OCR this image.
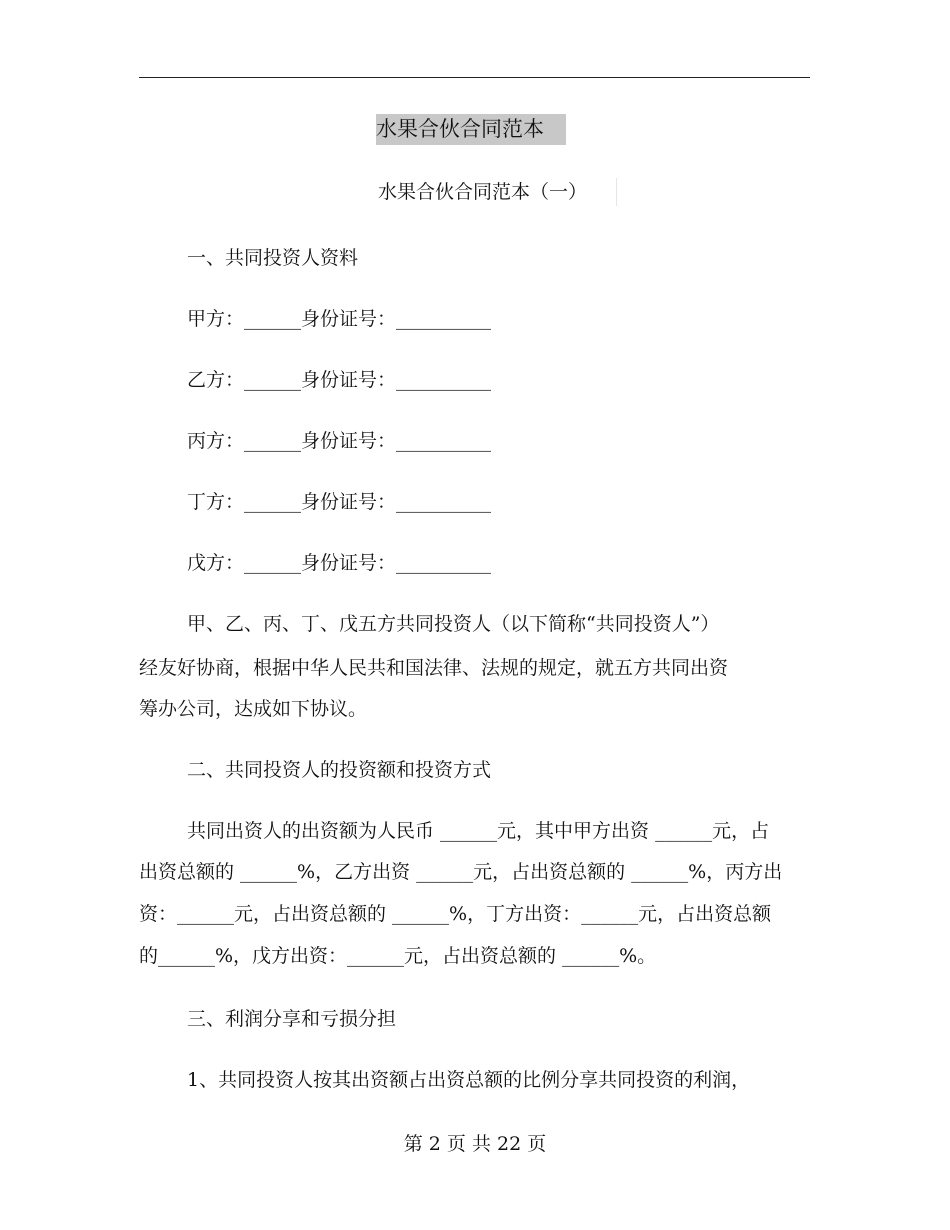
水果合伙合同范本
水果合伙合同范本（一）
一、共同投资人资料
甲方：______身份证号：__________
乙方：______身份证号：__________
丙方：______身份证号：__________
丁方：______身份证号：__________
戊方：______身份证号：__________
甲、乙、丙、丁、戊五方共同投资人（以下简称“共同投资人”）
经友好协商，根据中华人民共和国法律、法规的规定，就五方共同出资
筹办公司，达成如下协议。
二、共同投资人的投资额和投资方式
共同出资人的出资额为人民币 ______元，其中甲方出资 ______元，占
出资总额的 ______%，乙方出资 ______元，占出资总额的 ______%，丙方出
资：______元，占出资总额的 ______%，丁方出资：______元，占出资总额
的______%，戊方出资：______元，占出资总额的 ______%。
三、利润分享和亏损分担
1、共同投资人按其出资额占出资总额的比例分享共同投资的利润，
第 2 页 共 22 页
